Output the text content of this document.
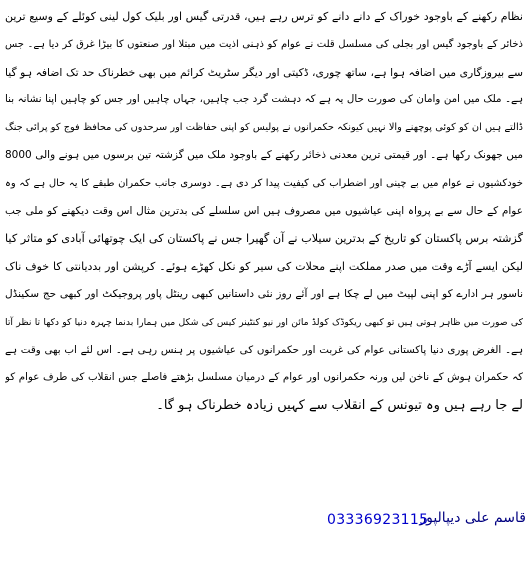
نظام رکھنے کے باوجود خوراک کے دانے دانے کو ترس رہے ہیں، قدرتی گیس اور بلیک کول لینی کوئلے کے وسیع ترین
ذخائر کے باوجود گیس اور بجلی کی مسلسل قلت نے عوام کو ذہنی اذیت میں مبتلا اور صنعتوں کا بیڑا غرق کر دیا ہے۔ جس
سے بیروزگاری میں اضافہ ہوا ہے، ساتھ چوری، ڈکیتی اور دیگر سٹریٹ کرائم میں بھی خطرناک حد تک اضافہ ہو گیا
ہے۔ ملک میں امن وامان کی صورت حال یہ ہے کہ دہشت گرد جب چاہیں، جہاں چاہیں اور جس کو چاہیں اپنا نشانہ بنا
ڈالتے ہیں ان کو کوئی پوچھنے والا نہیں کیونکہ حکمرانوں نے پولیس کو اپنی حفاظت اور سرحدوں کی محافظ فوج کو پرائی جنگ
میں جھونک رکھا ہے۔ اور قیمتی ترین معدنی ذخائر رکھنے کے باوجود ملک میں گزشتہ تین برسوں میں ہونے والی 8000
خودکشیوں نے عوام میں بے چینی اور اضطراب کی کیفیت پیدا کر دی ہے۔ دوسری جانب حکمران طبقے کا یہ حال ہے کہ وہ
عوام کے حال سے بے پرواہ اپنی عیاشیوں میں مصروف ہیں اس سلسلے کی بدترین مثال اس وقت دیکھنے کو ملی جب
گزشتہ برس پاکستان کو تاریخ کے بدترین سیلاب نے آن گھیرا جس نے پاکستان کی ایک چوتھائی آبادی کو متاثر کیا
لیکن ایسے آڑے وقت میں صدر مملکت اپنے محلات کی سیر کو نکل کھڑے ہوئے۔ کرپشن اور بددیانتی کا خوف ناک
ناسور ہر ادارے کو اپنی لپیٹ میں لے چکا ہے اور آئے روز نئی داستانیں کبھی رینٹل پاور پروجیکٹ اور کبھی حج سکینڈل
کی صورت میں ظاہر ہوتی ہیں تو کبھی ریکوڈک کولڈ مائن اور نیو کنٹینر کیس کی شکل میں ہمارا بدنما چہرہ دنیا کو دکھا تا نظر آتا
ہے۔ الغرض پوری دنیا پاکستانی عوام کی غربت اور حکمرانوں کی عیاشیوں پر ہنس رہی ہے۔ اس لئے اب بھی وقت ہے
کہ حکمران ہوش کے ناخن لیں ورنہ حکمرانوں اور عوام کے درمیان مسلسل بڑھتے فاصلے جس انقلاب کی طرف عوام کو
لے جا رہے ہیں وہ تیونس کے انقلاب سے کہیں زیادہ خطرناک ہو گا۔
قاسم علی دیپالپور
03336923115
